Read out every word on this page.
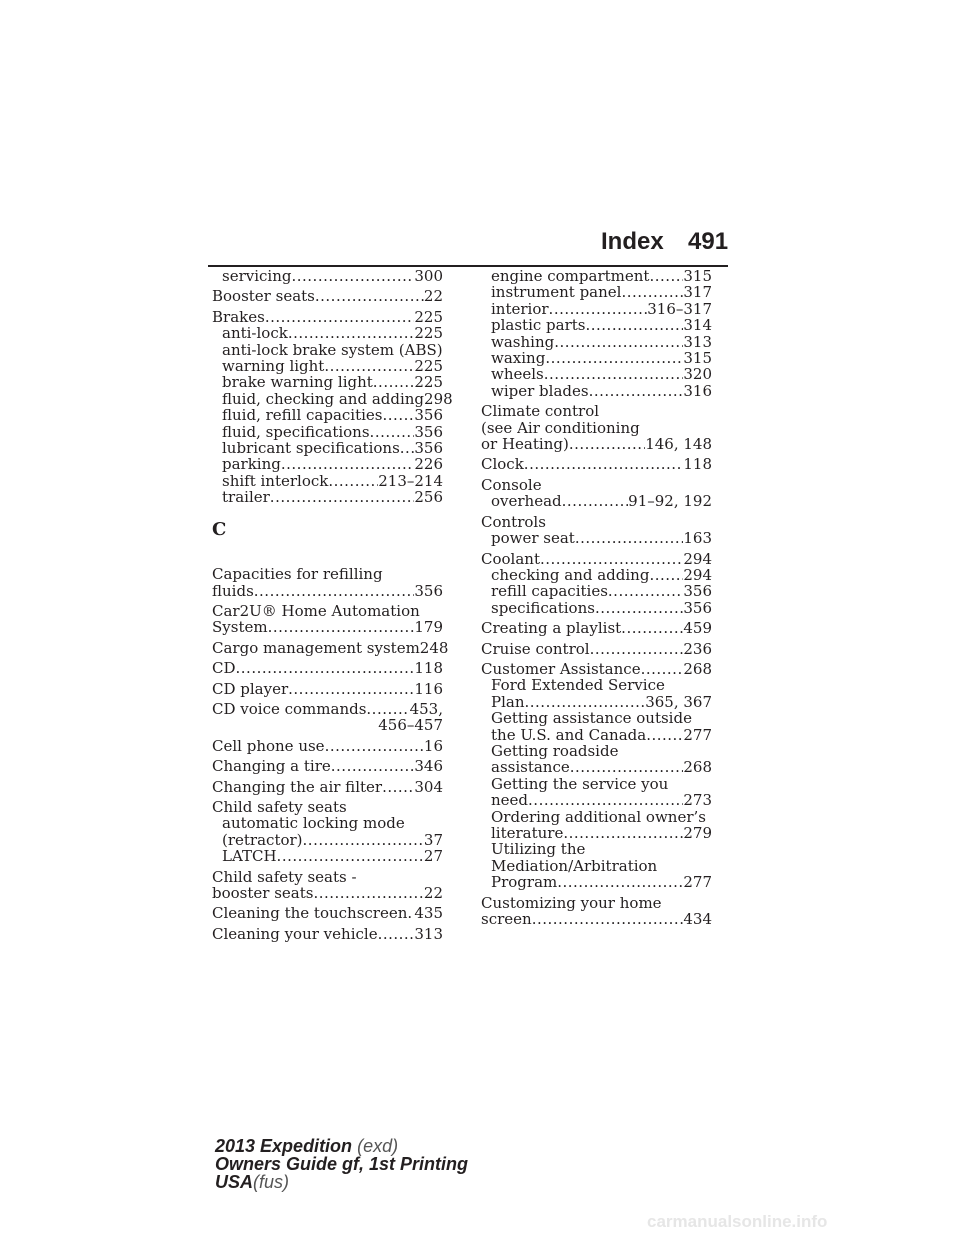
Index 491
servicing .....	300
Booster seats .....	22
Brakes .....	225
anti-lock .....	225
anti-lock brake system (ABS)
warning light .....	225
brake warning light .....	225
fluid, checking and adding 298
fluid, refill capacities ..... 356
fluid, specifications .....	356
lubricant specifications ..... 356
parking .....	226
shift interlock .....	213–214
trailer .....	256
C
Capacities for refilling
fluids .....	356
Car2U® Home Automation
System .....	179
Cargo management system 248
CD .....	118
CD player .....	116
CD voice commands .....	453,
456–457
Cell phone use .....	16
Changing a tire .....	346
Changing the air filter ..... 304
Child safety seats
automatic locking mode
(retractor) .....	37
LATCH .....	27
Child safety seats -
booster seats .....	22
Cleaning the touchscreen ..... 435
Cleaning your vehicle ..... 313
engine compartment ..... 315
instrument panel .....	317
interior .....	316–317
plastic parts .....	314
washing .....	313
waxing .....	315
wheels .....	320
wiper blades .....	316
Climate control
(see Air conditioning
or Heating) .....	146, 148
Clock .....	118
Console
overhead .....	91–92, 192
Controls
power seat .....	163
Coolant .....	294
checking and adding ..... 294
refill capacities .....	356
specifications .....	356
Creating a playlist .....	459
Cruise control .....	236
Customer Assistance .....	268
Ford Extended Service
Plan .....	365, 367
Getting assistance outside
the U.S. and Canada ..... 277
Getting roadside
assistance .....	268
Getting the service you
need .....	273
Ordering additional owner’s
literature .....	279
Utilizing the
Mediation/Arbitration
Program .....	277
Customizing your home
screen .....	434
2013 Expedition (exd)
Owners Guide gf, 1st Printing
USA(fus)
carmanualsonline.info
